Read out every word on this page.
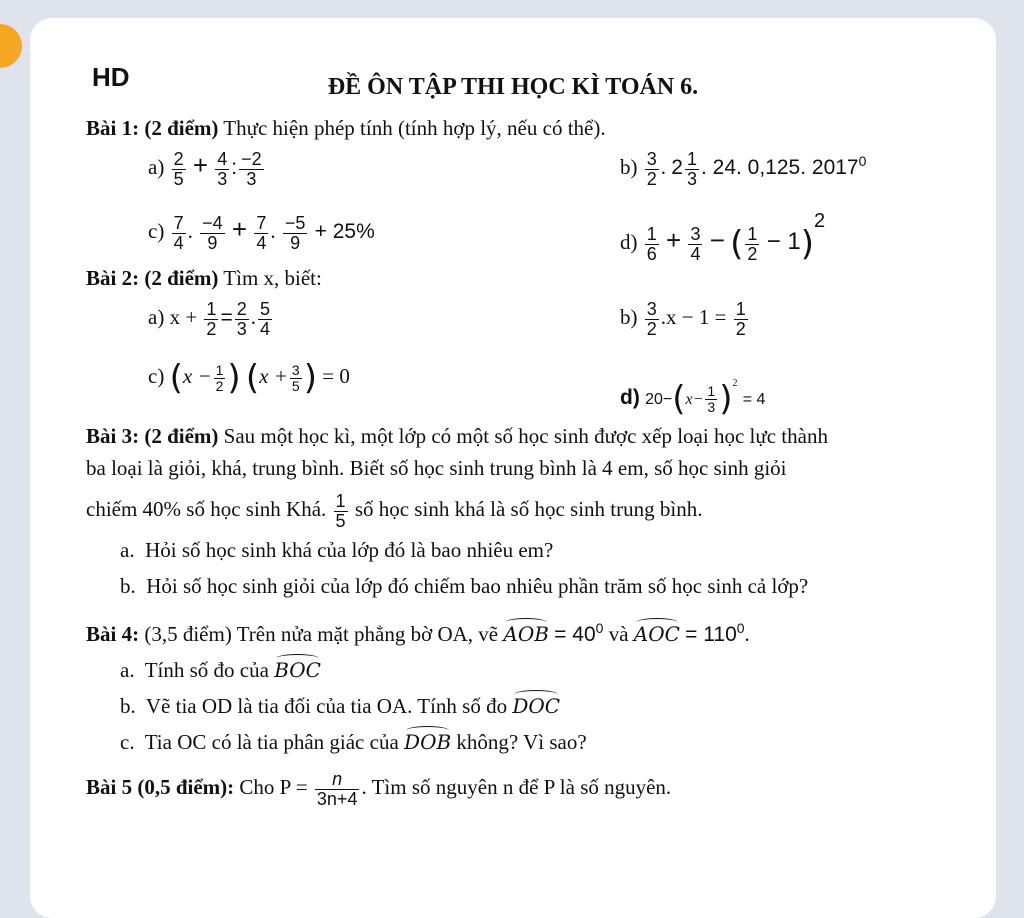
HD	ĐỀ ÔN TẬP THI HỌC KÌ TOÁN 6.
Bài 1: (2 điểm) Thực hiện phép tính (tính hợp lý, nếu có thể).
$a) \frac{2}{5} + \frac{4}{3}$ : $\frac{-2}{3}$	$b) \frac{3}{2}$ . $2 \frac{1}{3}$ . 24. 0,125. 2017$^0$
$c) \frac{7}{4}$ . $\frac{-4}{9} + \frac{7}{4}$ . $\frac{-5}{9} + 25\%$	$d) \frac{1}{6} + \frac{3}{4}$ − ( $\frac{1}{2} - 1)2$
Bài 2: (2 điểm) Tìm x, biết:
a) $x + \frac{1}{2} = \frac{2}{3}$ . $\frac{5}{4}$	$b) \frac{3}{2} .x - 1 = \frac{1}{2}$
c) ($x - \frac{1}{2}$ ) ($x + \frac{3}{5}$ ) = 0
d) $20-(x- \frac{1}{3} )^2 = 4$
Bài 3: (2 điểm) Sau một học kì, một lớp có một số học sinh được xếp loại học lực thành
ba loại là giỏi, khá, trung bình. Biết số học sinh trung bình là 4 em, số học sinh giỏi
chiếm 40% số học sinh Khá. $\frac{1}{5}$ số học sinh khá là số học sinh trung bình.
a. Hỏi số học sinh khá của lớp đó là bao nhiêu em?
b. Hỏi số học sinh giỏi của lớp đó chiếm bao nhiêu phần trăm số học sinh cả lớp?
Bài 4: (3,5 điểm) Trên nửa mặt phẳng bờ OA, vẽ AOB = $40^0$ và AOC = $110^0$.
a. Tính số đo của BOC
b. Vẽ tia OD là tia đối của tia OA. Tính số đo DOC
c. Tia OC có là tia phân giác của DOB không? Vì sao?
Bài 5 (0,5 điểm): Cho $P = \frac{n}{3n+4}$ . Tìm số nguyên n để P là số nguyên.
